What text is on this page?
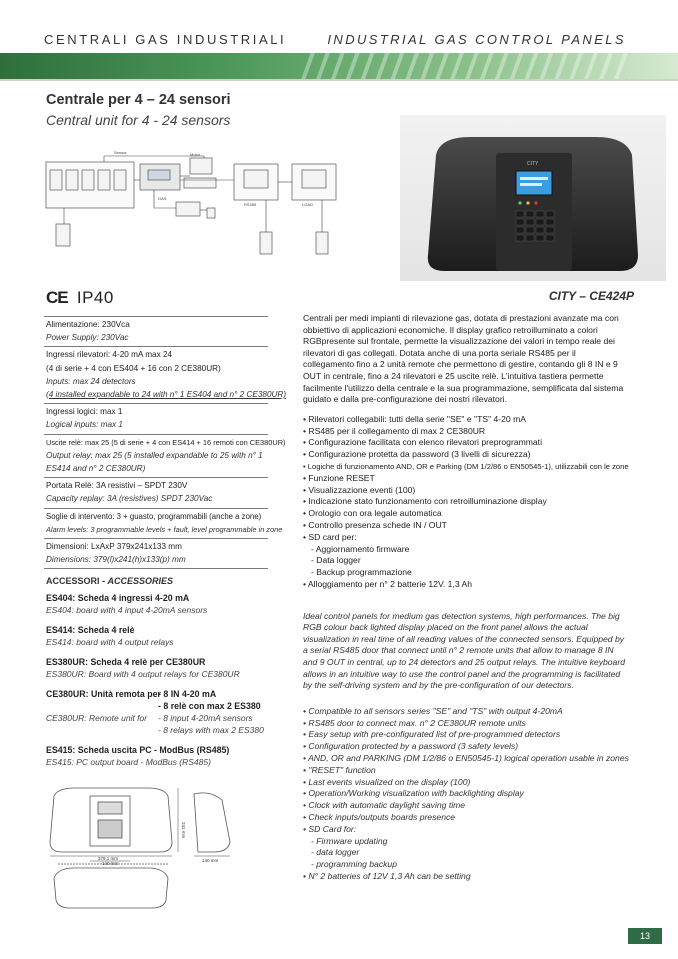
CENTRALI GAS INDUSTRIALI	INDUSTRIAL GAS CONTROL PANELS
Centrale per 4 – 24 sensori
Central unit for 4 - 24 sensors
Sensor	Motor
GAS
RS485	LOAD
CITY
CITY – CE424P
CE IP40
Alimentazione: 230Vca
Power Supply: 230Vac
Ingressi rilevatori: 4-20 mA max 24
(4 di serie + 4 con ES404 + 16 con 2 CE380UR)
Inputs: max 24 detectors
(4 installed expandable to 24 with n° 1 ES404 and n° 2 CE380UR)
Ingressi logici: max 1
Logical inputs: max 1
Uscite relè: max 25 (5 di serie + 4 con ES414 + 16 remoti con CE380UR)
Output relay: max 25 (5 installed expandable to 25 with n° 1
ES414 and n° 2 CE380UR)
Portata Relè: 3A resistivi – SPDT 230V
Capacity replay: 3A (resistives) SPDT 230Vac
Soglie di intervento: 3 + guasto, programmabili (anche a zone)
Alarm levels: 3 programmable levels + fault, level programmable in zone
Dimensioni: LxAxP 379x241x133 mm
Dimensions: 379(l)x241(h)x133(p) mm
ACCESSORI - ACCESSORIES
ES404: Scheda 4 ingressi 4-20 mA
ES404: board with 4 input 4-20mA sensors
ES414: Scheda 4 relè
ES414: board with 4 output relays
ES380UR: Scheda 4 relè per CE380UR
ES380UR: Board with 4 output relays for CE380UR
CE380UR: Unità remota per
- 8 IN 4-20 mA
- 8 relè con max 2 ES380
CE380UR: Remote unit for	- 8 input 4-20mA sensors
- 8 relays with max 2 ES380
ES415: Scheda uscita PC - ModBus (RS485)
ES415: PC output board - ModBus (RS485)
379,1 mm
140 mm
241 mm
140 mm
Centrali per medi impianti di rilevazione gas, dotata di prestazioni avanzate ma con obbiettivo di applicazioni economiche. Il display grafico retroilluminato a colori RGBpresente sul frontale, permette la visualizzazione dei valori in tempo reale dei rilevatori di gas collegati. Dotata anche di una porta seriale RS485 per il collegamento fino a 2 unità remote che permettono di gestire, contando gli 8 IN e 9 OUT in centrale, fino a 24 rilevatori e 25 uscite relè. L'intuitiva tastiera permette facilmente l'utilizzo della centrale e la sua programmazione, semplificata dal sistema guidato e dalla pre-configurazione dei nostri rilevatori.
• Rilevatori collegabili: tutti della serie "SE" e "TS" 4-20 mA
• RS485 per il collegamento di max 2 CE380UR
• Configurazione facilitata con elenco rilevatori preprogrammati
• Configurazione protetta da password (3 livelli di sicurezza)
• Logiche di funzionamento AND, OR e Parking (DM 1/2/86 o EN50545-1), utilizzabili con le zone
• Funzione RESET
• Visualizzazione eventi (100)
• Indicazione stato funzionamento con retroilluminazione display
• Orologio con ora legale automatica
• Controllo presenza schede IN / OUT
• SD card per:
- Aggiornamento firmware
- Data logger
- Backup programmazione
• Alloggiamento per n° 2 batterie 12V. 1,3 Ah
Ideal control panels for medium gas detection systems, high performances. The big RGB colour back lighted display placed on the front panel allows the actual visualization in real time of all reading values of the connected sensors. Equipped by a serial RS485 door that connect until n° 2 remote units that allow to manage 8 IN and 9 OUT in central, up to 24 detectors and 25 output relays. The intuitive keyboard allows in an intuitive way to use the control panel and the programming is facilitated by the self-driving system and by the pre-configuration of our detectors.
• Compatible to all sensors series "SE" and "TS" with output 4-20mA
• RS485 door to connect max. n° 2 CE380UR remote units
• Easy setup with pre-configurated list of pre-programmed detectors
• Configuration protected by a password (3 safety levels)
• AND, OR and PARKING (DM 1/2/86 o EN50545-1) logical operation usable in zones
• "RESET" function
• Last events visualized on the display (100)
• Operation/Working visualization with backlighting display
• Clock with automatic daylight saving time
• Check inputs/outputs boards presence
• SD Card for:
- Firmware updating
- data logger
- programming backup
• N° 2 batteries of 12V 1,3 Ah can be setting
13
